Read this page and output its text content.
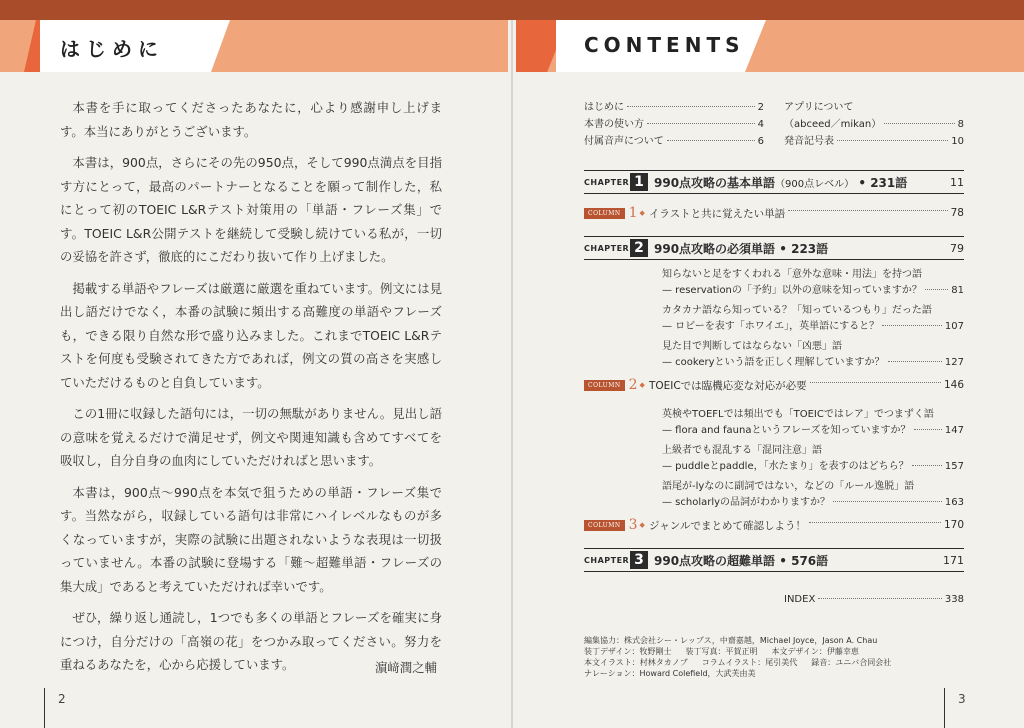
はじめに	CONTENTS

本書を手に取ってくださったあなたに，心より感謝申し上げます。本当にありがとうございます。

本書は，900点，さらにその先の950点，そして990点満点を目指す方にとって，最高のパートナーとなることを願って制作した，私にとって初のTOEIC L&Rテスト対策用の「単語・フレーズ集」です。TOEIC L&R公開テストを継続して受験し続けている私が，一切の妥協を許さず，徹底的にこだわり抜いて作り上げました。

掲載する単語やフレーズは厳選に厳選を重ねています。例文には見出し語だけでなく，本番の試験に頻出する高難度の単語やフレーズも，できる限り自然な形で盛り込みました。これまでTOEIC L&Rテストを何度も受験されてきた方であれば，例文の質の高さを実感していただけるものと自負しています。

この1冊に収録した語句には，一切の無駄がありません。見出し語の意味を覚えるだけで満足せず，例文や関連知識も含めてすべてを吸収し，自分自身の血肉にしていただければと思います。

本書は，900点〜990点を本気で狙うための単語・フレーズ集です。当然ながら，収録している語句は非常にハイレベルなものが多くなっていますが，実際の試験に出題されないような表現は一切扱っていません。本番の試験に登場する「難〜超難単語・フレーズの集大成」であると考えていただければ幸いです。

ぜひ，繰り返し通読し，1つでも多くの単語とフレーズを確実に身につけ，自分だけの「高嶺の花」をつかみ取ってください。努力を重ねるあなたを，心から応援しています。	濵﨑潤之輔
2	3
はじめに	2
本書の使い方	4
付属音声について	6
アプリについて
（abceed／mikan）	8
発音記号表	10
CHAPTER 1 990点攻略の基本単語（900点レベル） • 231語	11
COLUMN 1 ◆ イラストと共に覚えたい単語	78
CHAPTER 2 990点攻略の必須単語 • 223語	79
知らないと足をすくわれる「意外な意味・用法」を持つ語
— reservationの「予約」以外の意味を知っていますか？	81
カタカナ語なら知っている？「知っているつもり」だった語
— ロビーを表す「ホワイエ」，英単語にすると？	107
見た目で判断してはならない「凶悪」語
— cookeryという語を正しく理解していますか？	127
COLUMN 2 ◆ TOEICでは臨機応変な対応が必要	146
英検やTOEFLでは頻出でも「TOEICではレア」でつまずく語
— flora and faunaというフレーズを知っていますか？	147
上級者でも混乱する「混同注意」語
— puddleとpaddle，「水たまり」を表すのはどちら？	157
語尾が-lyなのに副詞ではない，などの「ルール逸脱」語
— scholarlyの品詞がわかりますか？	163
COLUMN 3 ◆ ジャンルでまとめて確認しよう！	170
CHAPTER 3 990点攻略の超難単語 • 576語	171
INDEX	338
編集協力：株式会社シー・レップス，中齋嘉越，Michael Joyce，Jason A. Chau
装丁デザイン：牧野剛士 装丁写真：平賀正明 本文デザイン：伊藤幸恵
本文イラスト：村林タカノブ コラムイラスト：尾引美代 録音：ユニバ合同会社
ナレーション：Howard Colefield，大武芙由美
